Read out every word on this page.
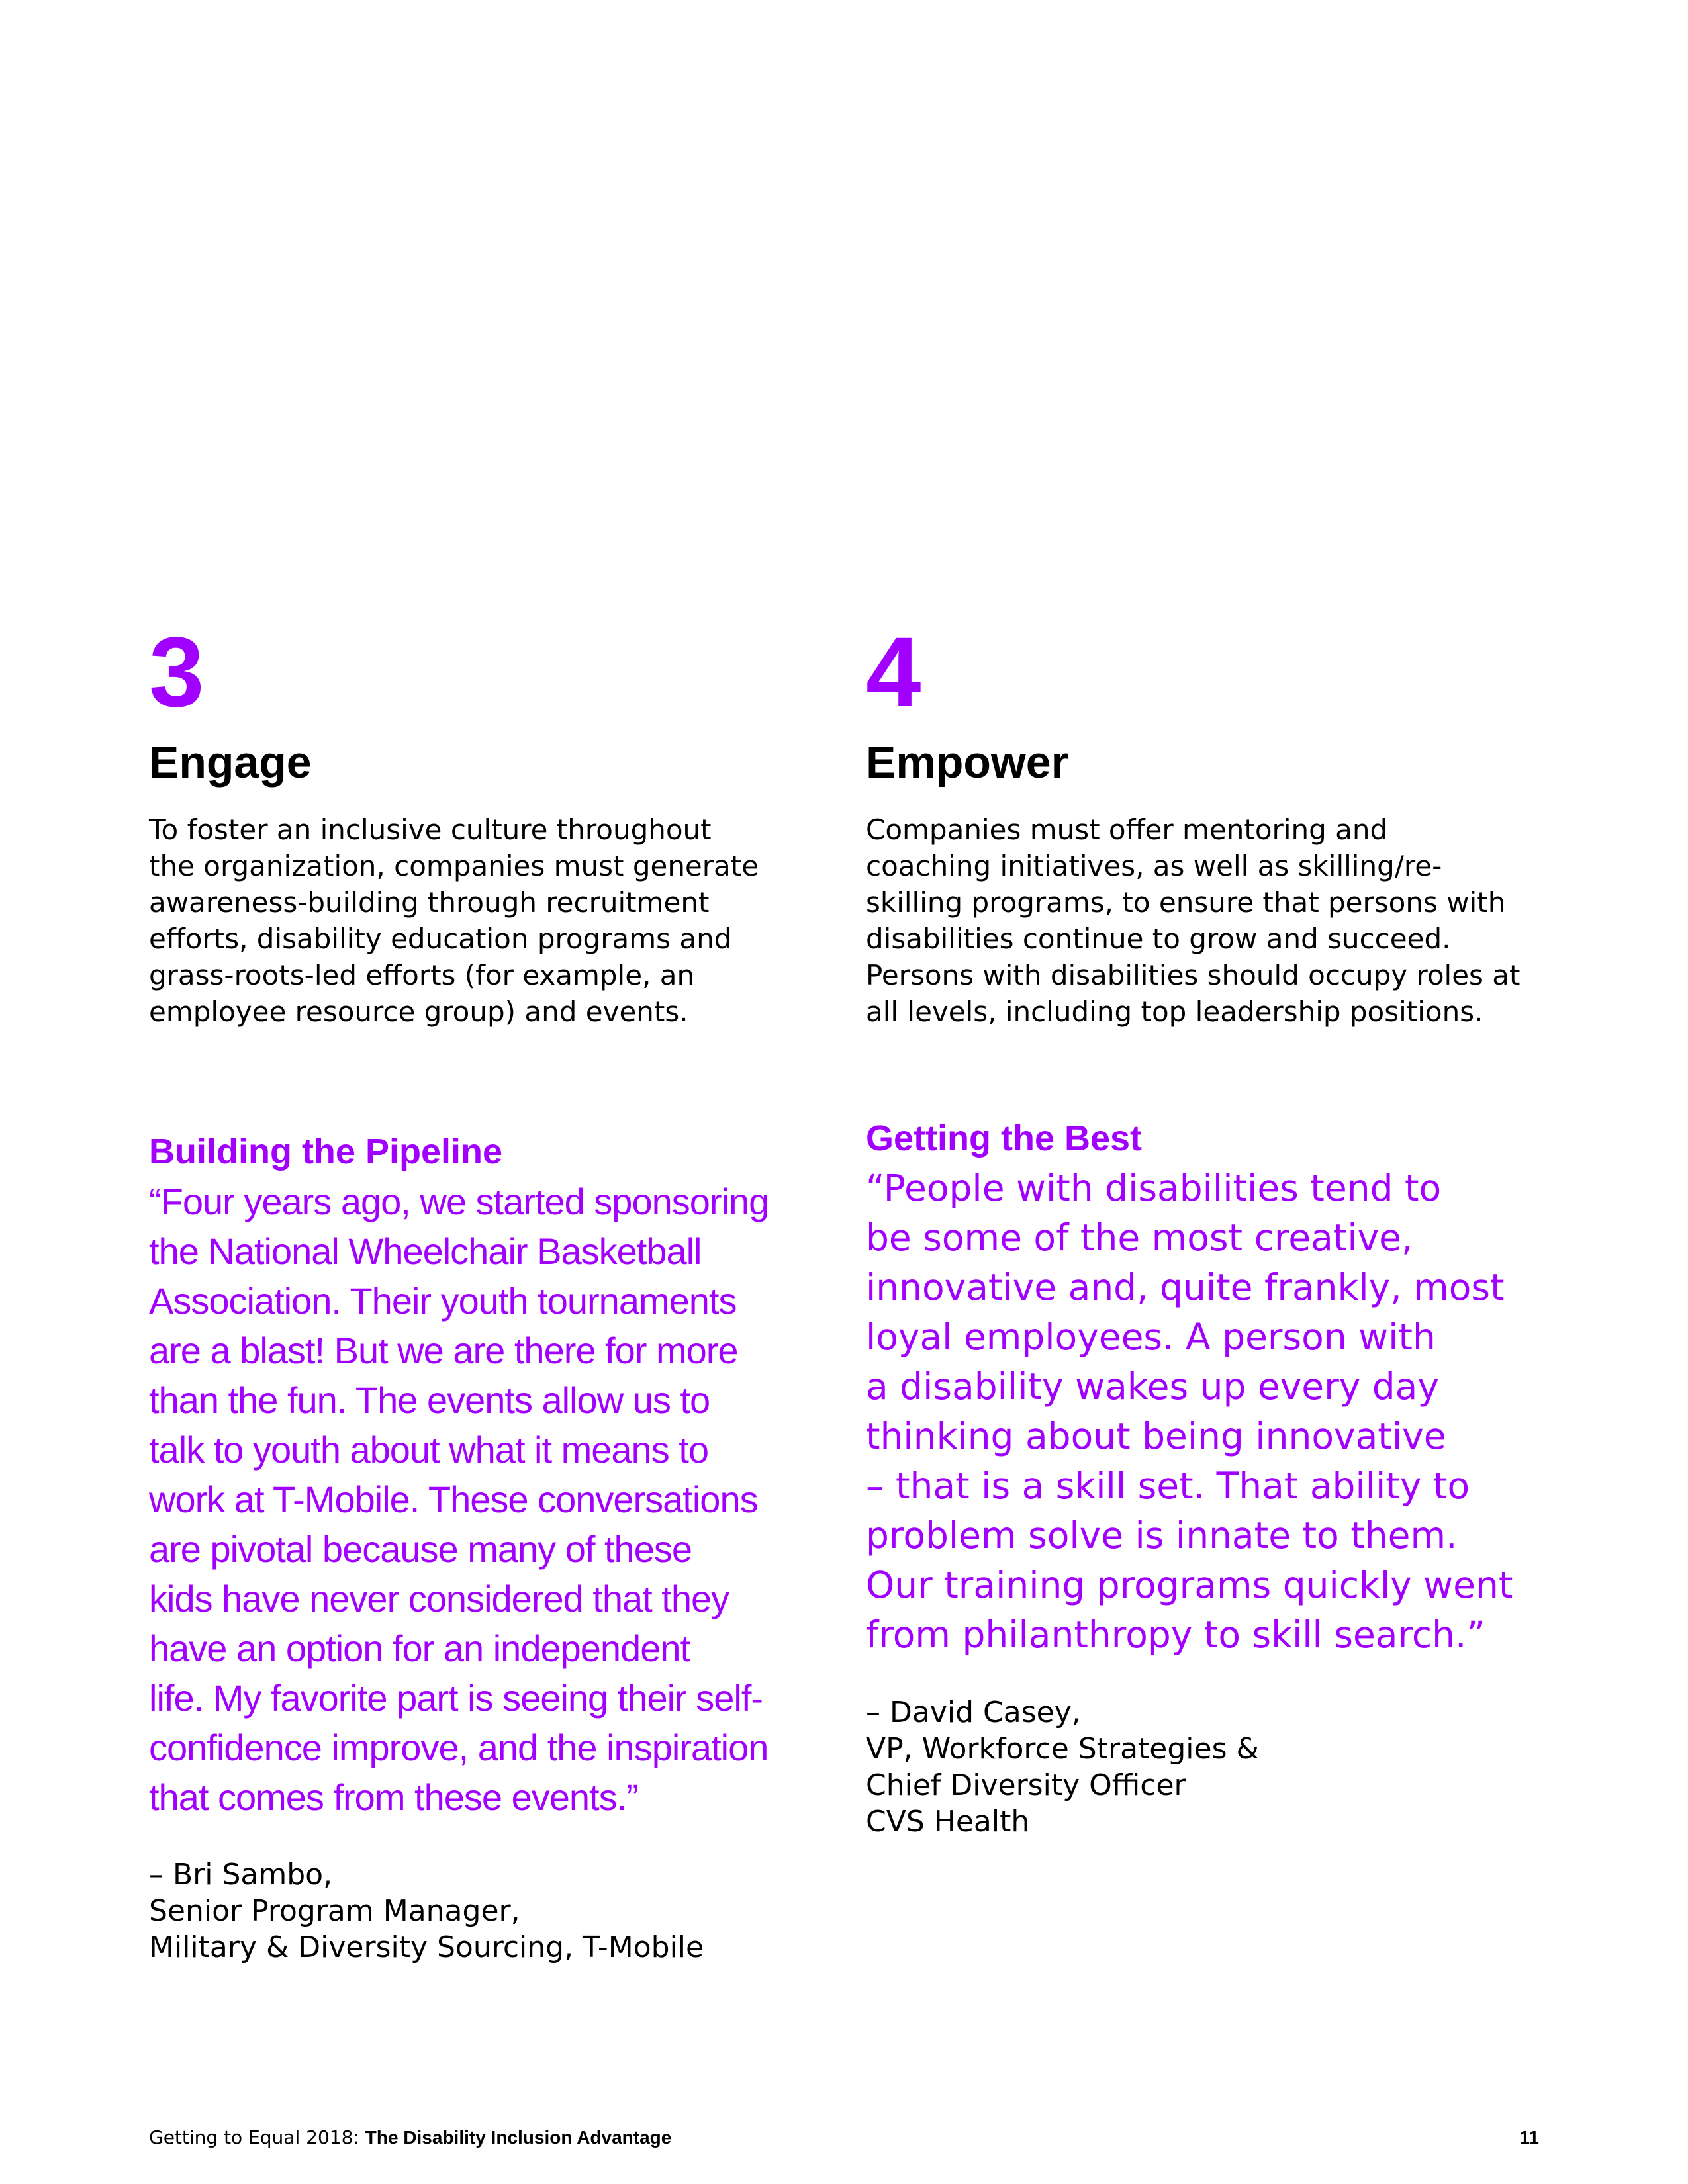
3
Engage
To foster an inclusive culture throughout
the organization, companies must generate
awareness-building through recruitment
efforts, disability education programs and
grass-roots-led efforts (for example, an
employee resource group) and events.
4
Empower
Companies must offer mentoring and
coaching initiatives, as well as skilling/re-
skilling programs, to ensure that persons with
disabilities continue to grow and succeed.
Persons with disabilities should occupy roles at
all levels, including top leadership positions.
Building the Pipeline
“Four years ago, we started sponsoring
the National Wheelchair Basketball
Association. Their youth tournaments
are a blast! But we are there for more
than the fun. The events allow us to
talk to youth about what it means to
work at T-Mobile. These conversations
are pivotal because many of these
kids have never considered that they
have an option for an independent
life. My favorite part is seeing their self-
confidence improve, and the inspiration
that comes from these events.”
– Bri Sambo,
Senior Program Manager,
Military & Diversity Sourcing, T-Mobile
Getting the Best
“People with disabilities tend to
be some of the most creative,
innovative and, quite frankly, most
loyal employees. A person with
a disability wakes up every day
thinking about being innovative
– that is a skill set. That ability to
problem solve is innate to them.
Our training programs quickly went
from philanthropy to skill search.”
– David Casey,
VP, Workforce Strategies &
Chief Diversity Officer
CVS Health
Getting to Equal 2018: The Disability Inclusion Advantage	11
